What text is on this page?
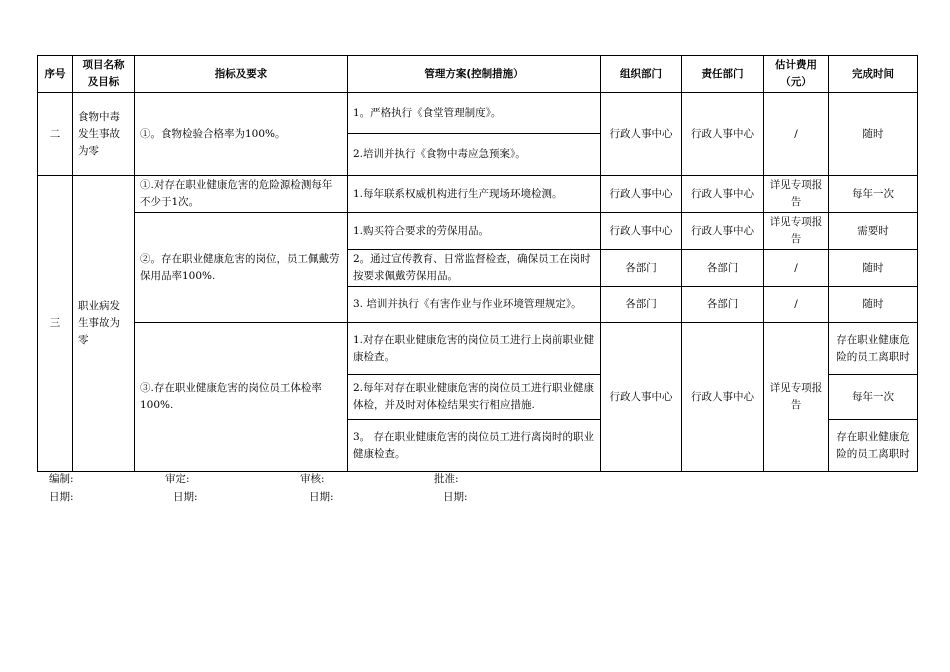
序号	项目名称及目标	指标及要求	管理方案(控制措施）	组织部门	责任部门	估计费用（元）	完成时间
二	食物中毒发生事故为零	①。食物检验合格率为100%。	1。严格执行《食堂管理制度》。	行政人事中心	行政人事中心	/	随时
			2.培训并执行《食物中毒应急预案》。				
三	职业病发生事故为零	①.对存在职业健康危害的危险源检测每年不少于1次。	1.每年联系权威机构进行生产现场环境检测。	行政人事中心	行政人事中心	详见专项报告	每年一次
		②。存在职业健康危害的岗位，员工佩戴劳保用品率100%.	1.购买符合要求的劳保用品。	行政人事中心	行政人事中心	详见专项报告	需要时
			2。通过宣传教育、日常监督检查，确保员工在岗时按要求佩戴劳保用品。	各部门	各部门	/	随时
			3. 培训并执行《有害作业与作业环境管理规定》。	各部门	各部门	/	随时
		③.存在职业健康危害的岗位员工体检率100%.	1.对存在职业健康危害的岗位员工进行上岗前职业健康检查。	行政人事中心	行政人事中心	详见专项报告	存在职业健康危险的员工离职时

			2.每年对存在职业健康危害的岗位员工进行职业健康体检，并及时对体检结果实行相应措施.				每年一次
			3。 存在职业健康危害的岗位员工进行离岗时的职业健康检查。				存在职业健康危险的员工离职时
编制:	审定:	审核:	批准:
日期:	日期:	日期:	日期:
